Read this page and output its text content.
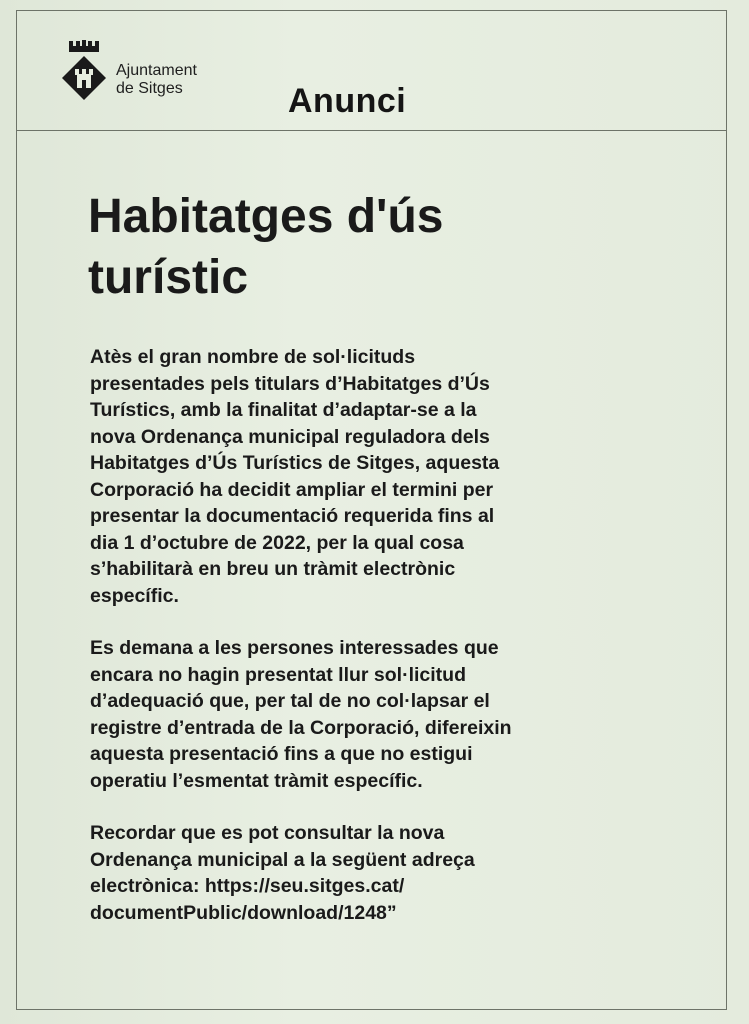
Ajuntament
de Sitges	Anunci
Habitatges d'ús
turístic

Atès el gran nombre de sol·licituds
presentades pels titulars d’Habitatges d’Ús
Turístics, amb la finalitat d’adaptar-se a la
nova Ordenança municipal reguladora dels
Habitatges d’Ús Turístics de Sitges, aquesta
Corporació ha decidit ampliar el termini per
presentar la documentació requerida fins al
dia 1 d’octubre de 2022, per la qual cosa
s’habilitarà en breu un tràmit electrònic
específic.

Es demana a les persones interessades que
encara no hagin presentat llur sol·licitud
d’adequació que, per tal de no col·lapsar el
registre d’entrada de la Corporació, difereixin
aquesta presentació fins a que no estigui
operatiu l’esmentat tràmit específic.

Recordar que es pot consultar la nova
Ordenança municipal a la següent adreça
electrònica: https://seu.sitges.cat/
documentPublic/download/1248”
